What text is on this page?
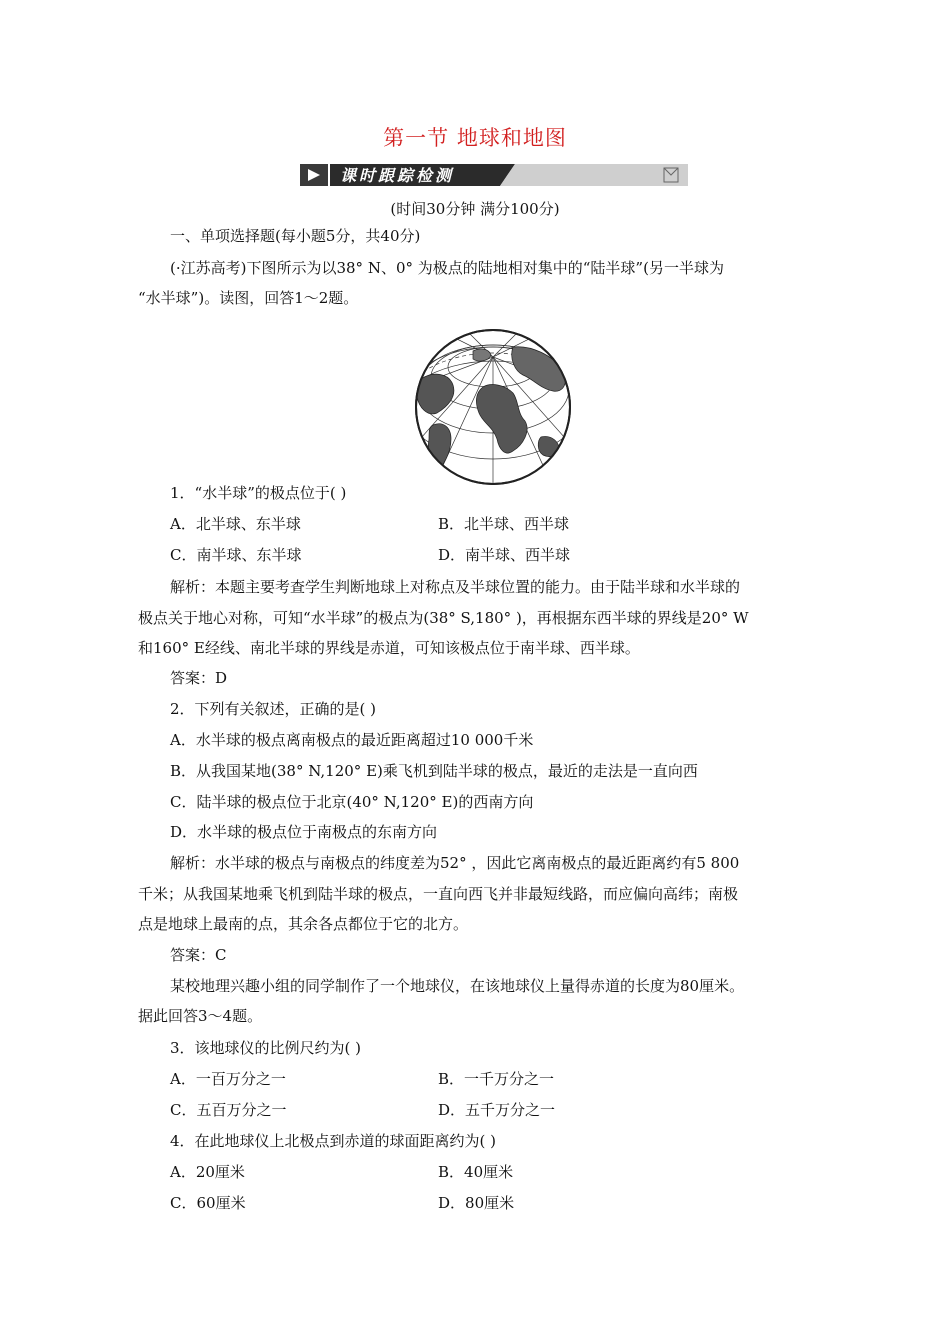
第一节 地球和地图
课时跟踪检测
(时间30分钟 满分100分)
一、单项选择题(每小题5分，共40分)
(·江苏高考)下图所示为以38° N、0° 为极点的陆地相对集中的“陆半球”(另一半球为
“水半球”)。读图，回答1～2题。
1．“水半球”的极点位于( )
A．北半球、东半球	B．北半球、西半球
C．南半球、东半球	D．南半球、西半球
解析：本题主要考查学生判断地球上对称点及半球位置的能力。由于陆半球和水半球的
极点关于地心对称，可知“水半球”的极点为(38° S,180° )，再根据东西半球的界线是20° W
和160° E经线、南北半球的界线是赤道，可知该极点位于南半球、西半球。
答案：D
2．下列有关叙述，正确的是( )
A．水半球的极点离南极点的最近距离超过10 000千米
B．从我国某地(38° N,120° E)乘飞机到陆半球的极点，最近的走法是一直向西
C．陆半球的极点位于北京(40° N,120° E)的西南方向
D．水半球的极点位于南极点的东南方向
解析：水半球的极点与南极点的纬度差为52° ，因此它离南极点的最近距离约有5 800
千米；从我国某地乘飞机到陆半球的极点，一直向西飞并非最短线路，而应偏向高纬；南极
点是地球上最南的点，其余各点都位于它的北方。
答案：C
某校地理兴趣小组的同学制作了一个地球仪，在该地球仪上量得赤道的长度为80厘米。
据此回答3～4题。
3．该地球仪的比例尺约为( )
A．一百万分之一	B．一千万分之一
C．五百万分之一	D．五千万分之一
4．在此地球仪上北极点到赤道的球面距离约为( )
A．20厘米	B．40厘米
C．60厘米	D．80厘米
